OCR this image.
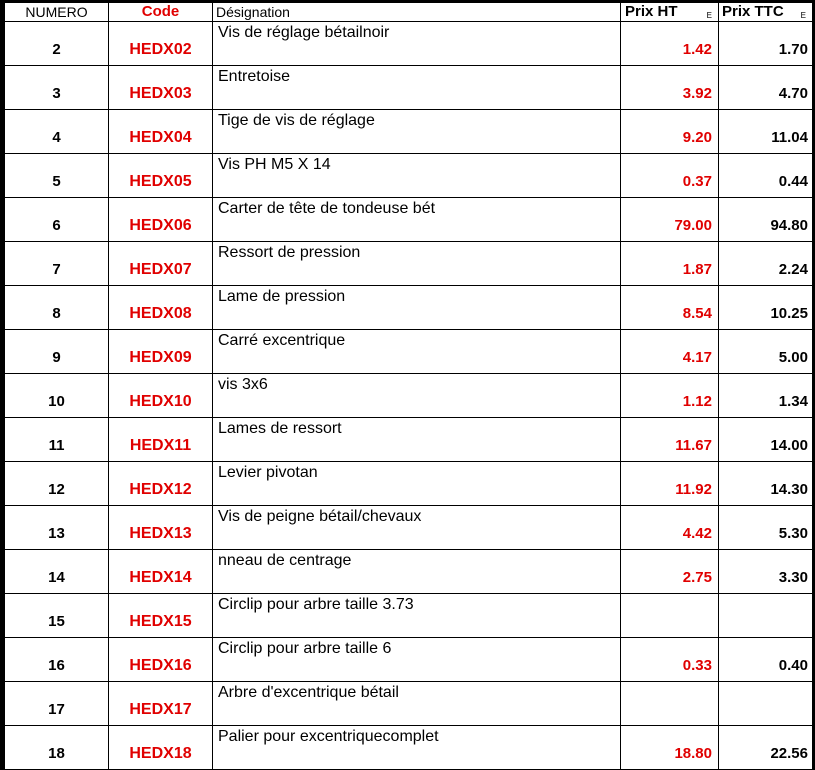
NUMERO	Code	Désignation	Prix HT E	Prix TTC E

2	HEDX02	Vis de réglage bétailnoir	1.42	1.70
3	HEDX03	Entretoise	3.92	4.70
4	HEDX04	Tige de vis de réglage	9.20	11.04
5	HEDX05	Vis PH M5 X 14	0.37	0.44
6	HEDX06	Carter de tête de tondeuse bét	79.00	94.80
7	HEDX07	Ressort de pression	1.87	2.24
8	HEDX08	Lame de pression	8.54	10.25
9	HEDX09	Carré excentrique	4.17	5.00
10	HEDX10	vis 3x6	1.12	1.34
11	HEDX11	Lames de ressort	11.67	14.00
12	HEDX12	Levier pivotan	11.92	14.30
13	HEDX13	Vis de peigne bétail/chevaux	4.42	5.30
14	HEDX14	nneau de centrage	2.75	3.30
15	HEDX15	Circlip pour arbre taille 3.73		
16	HEDX16	Circlip pour arbre taille 6	0.33	0.40
17	HEDX17	Arbre d'excentrique bétail		
18	HEDX18	Palier pour excentriquecomplet	18.80	22.56
